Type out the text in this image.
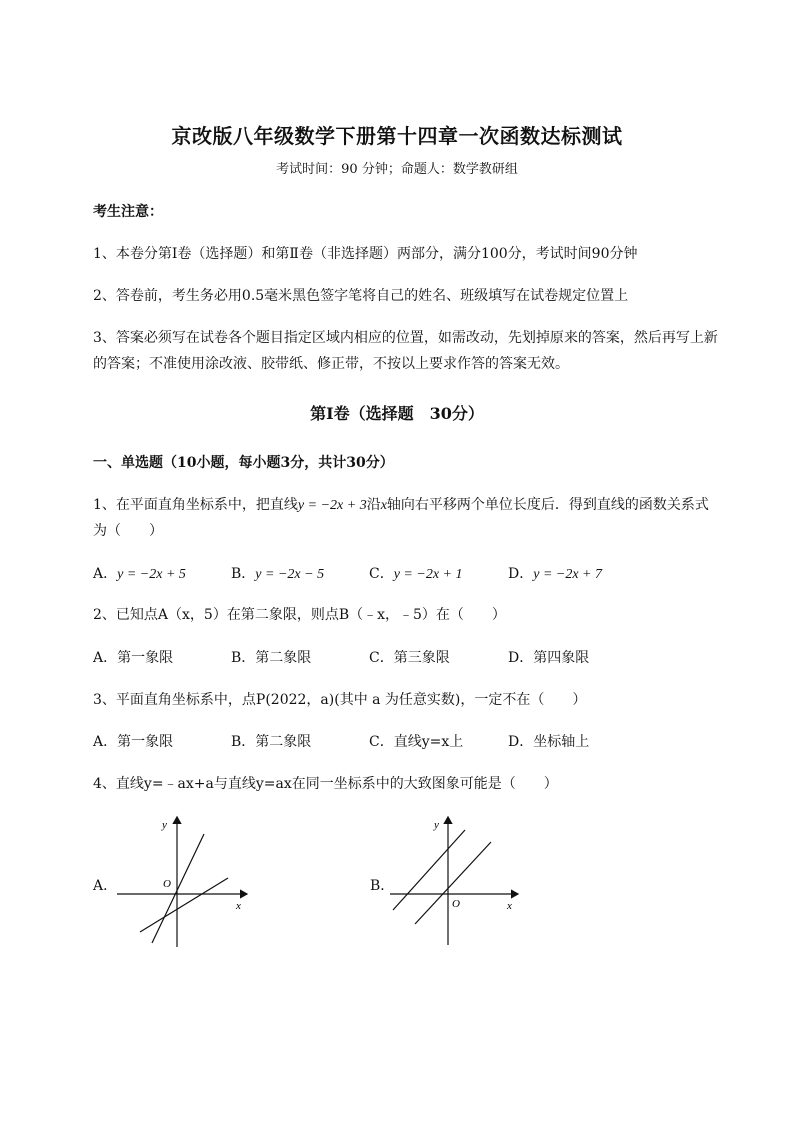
京改版八年级数学下册第十四章一次函数达标测试
考试时间：90 分钟；命题人：数学教研组
考生注意：
1、本卷分第Ⅰ卷（选择题）和第Ⅱ卷（非选择题）两部分，满分100分，考试时间90分钟
2、答卷前，考生务必用0.5毫米黑色签字笔将自己的姓名、班级填写在试卷规定位置上
3、答案必须写在试卷各个题目指定区域内相应的位置，如需改动，先划掉原来的答案，然后再写上新
的答案；不准使用涂改液、胶带纸、修正带，不按以上要求作答的答案无效。
第Ⅰ卷（选择题　30分）
一、单选题（10小题，每小题3分，共计30分）
1、在平面直角坐标系中，把直线y = −2x + 3沿x轴向右平移两个单位长度后．得到直线的函数关系式
为（　　）
A．y = −2x + 5	B．y = −2x − 5	C．y = −2x + 1	D．y = −2x + 7
2、已知点A（x，5）在第二象限，则点B（﹣x，﹣5）在（　　）
A．第一象限	B．第二象限	C．第三象限	D．第四象限
3、平面直角坐标系中，点P(2022，a)(其中 a 为任意实数)，一定不在（　　）
A．第一象限	B．第二象限	C．直线y=x上	D．坐标轴上
4、直线y=﹣ax+a与直线y=ax在同一坐标系中的大致图象可能是（　　）
A．	O
x
y
B．
O	x
y
